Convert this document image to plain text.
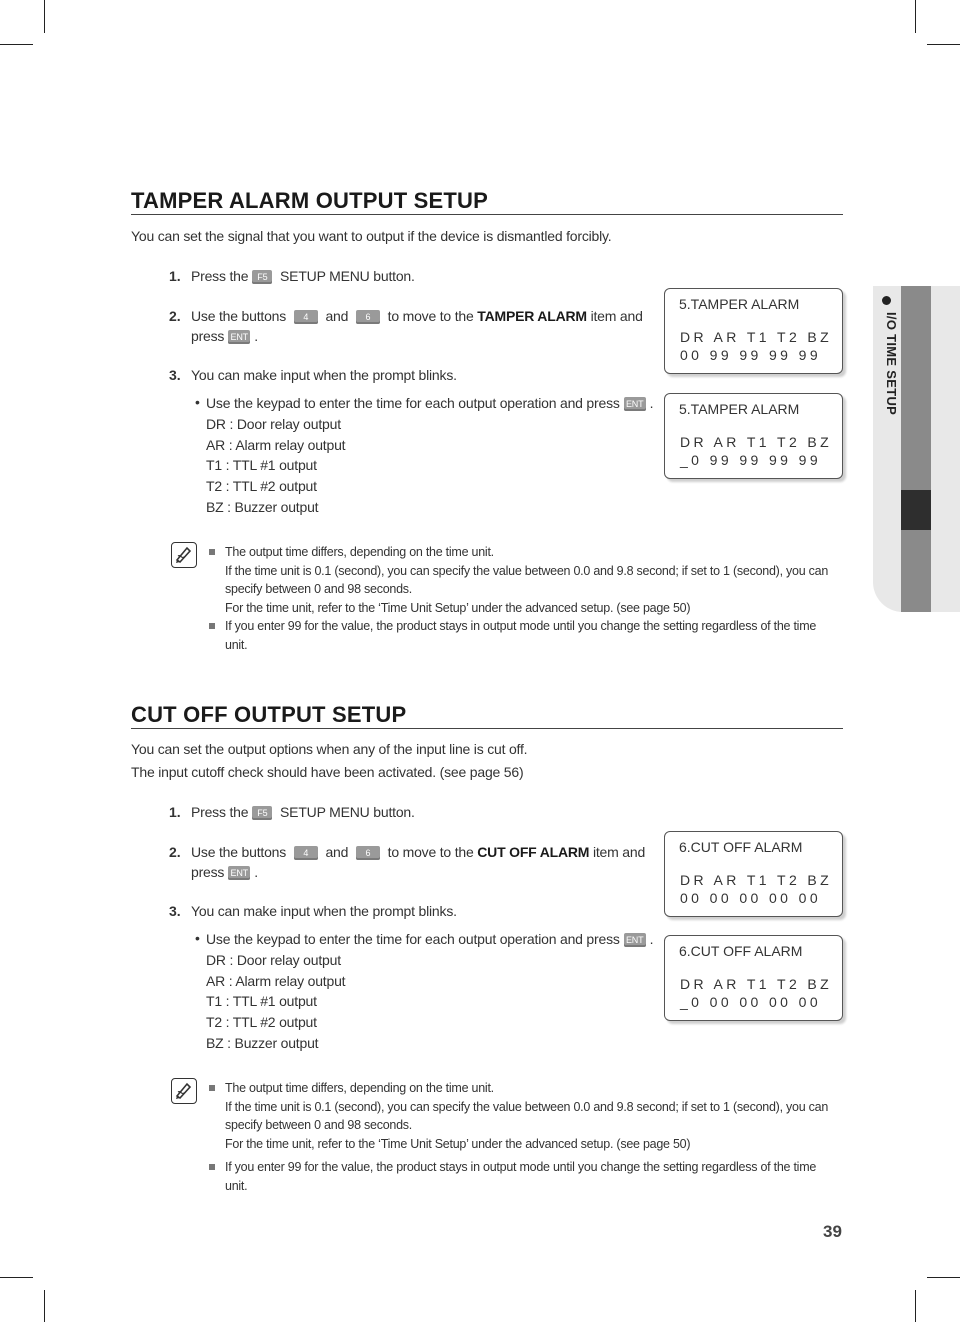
I/O TIME SETUP
TAMPER ALARM OUTPUT SETUP
You can set the signal that you want to output if the device is dismantled forcibly.
1. Press the F5 SETUP MENU button.
2. Use the buttons 4 and 6 to move to the TAMPER ALARM item and
press ENT .
3. You can make input when the prompt blinks.
• Use the keypad to enter the time for each output operation and press ENT .
DR : Door relay output
AR : Alarm relay output
T1 : TTL #1 output
T2 : TTL #2 output
BZ : Buzzer output
5.TAMPER ALARM
DR AR T1 T2 BZ
00 99 99 99 99
5.TAMPER ALARM
DR AR T1 T2 BZ
_0 99 99 99 99
The output time differs, depending on the time unit.
If the time unit is 0.1 (second), you can specify the value between 0.0 and 9.8 second; if set to 1 (second), you can specify between 0 and 98 seconds.
For the time unit, refer to the ‘Time Unit Setup’ under the advanced setup. (see page 50)
If you enter 99 for the value, the product stays in output mode until you change the setting regardless of the time unit.
CUT OFF OUTPUT SETUP
You can set the output options when any of the input line is cut off.
The input cutoff check should have been activated. (see page 56)
1. Press the F5 SETUP MENU button.
2. Use the buttons 4 and 6 to move to the CUT OFF ALARM item and
press ENT .
3. You can make input when the prompt blinks.
• Use the keypad to enter the time for each output operation and press ENT .
DR : Door relay output
AR : Alarm relay output
T1 : TTL #1 output
T2 : TTL #2 output
BZ : Buzzer output
6.CUT OFF ALARM
DR AR T1 T2 BZ
00 00 00 00 00
6.CUT OFF ALARM
DR AR T1 T2 BZ
_0 00 00 00 00
The output time differs, depending on the time unit.
If the time unit is 0.1 (second), you can specify the value between 0.0 and 9.8 second; if set to 1 (second), you can specify between 0 and 98 seconds.
For the time unit, refer to the ‘Time Unit Setup’ under the advanced setup. (see page 50)
If you enter 99 for the value, the product stays in output mode until you change the setting regardless of the time unit.
39
